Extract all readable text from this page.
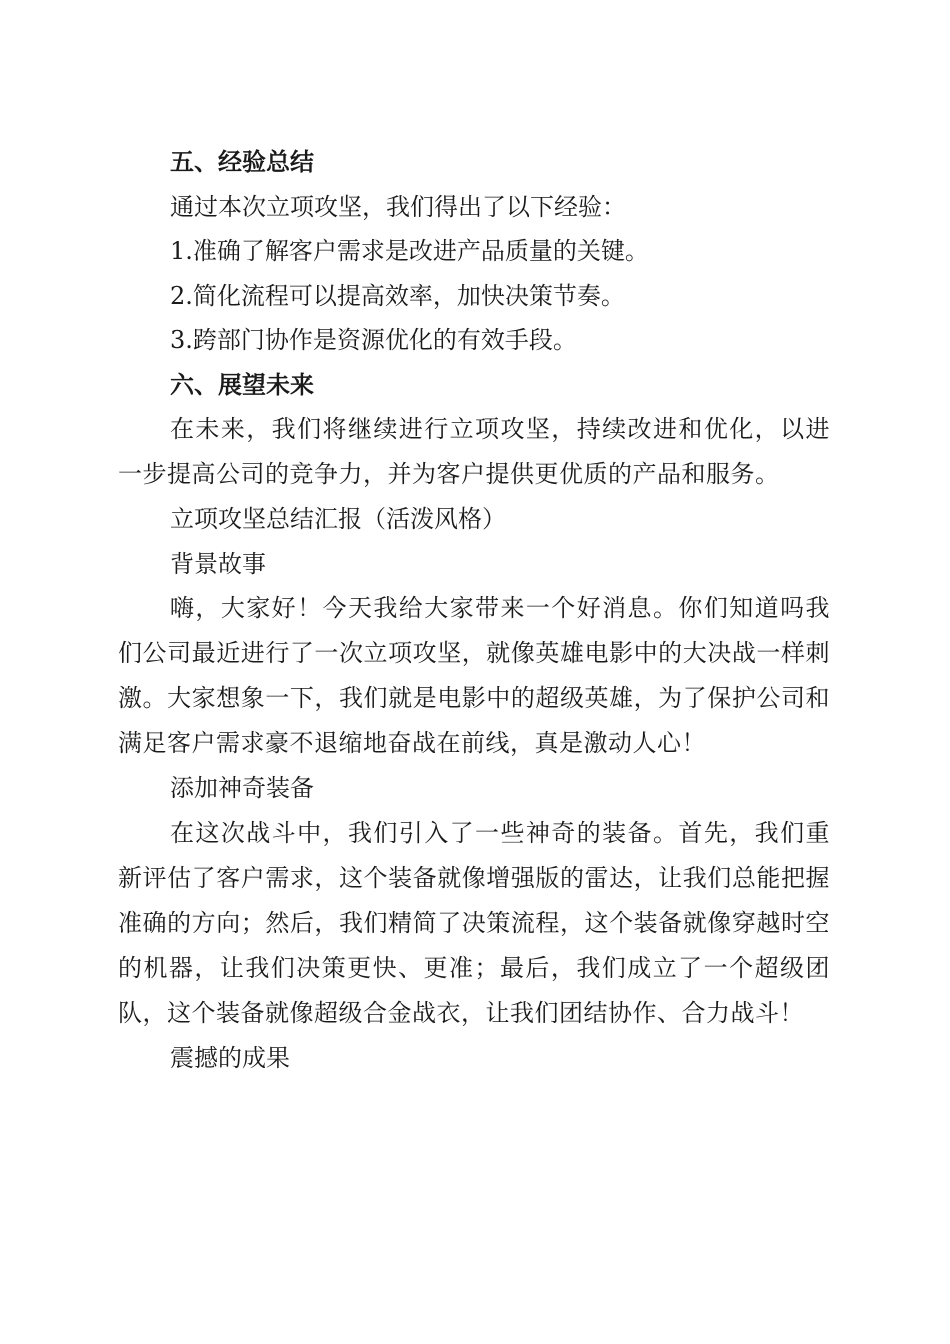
五、经验总结

通过本次立项攻坚，我们得出了以下经验：

1.准确了解客户需求是改进产品质量的关键。

2.简化流程可以提高效率，加快决策节奏。

3.跨部门协作是资源优化的有效手段。

六、展望未来

在未来，我们将继续进行立项攻坚，持续改进和优化，以进一步提高公司的竞争力，并为客户提供更优质的产品和服务。

立项攻坚总结汇报（活泼风格）

背景故事

嗨，大家好！今天我给大家带来一个好消息。你们知道吗我们公司最近进行了一次立项攻坚，就像英雄电影中的大决战一样刺激。大家想象一下，我们就是电影中的超级英雄，为了保护公司和满足客户需求豪不退缩地奋战在前线，真是激动人心！

添加神奇装备

在这次战斗中，我们引入了一些神奇的装备。首先，我们重新评估了客户需求，这个装备就像增强版的雷达，让我们总能把握准确的方向；然后，我们精简了决策流程，这个装备就像穿越时空的机器，让我们决策更快、更准；最后，我们成立了一个超级团队，这个装备就像超级合金战衣，让我们团结协作、合力战斗！

震撼的成果
